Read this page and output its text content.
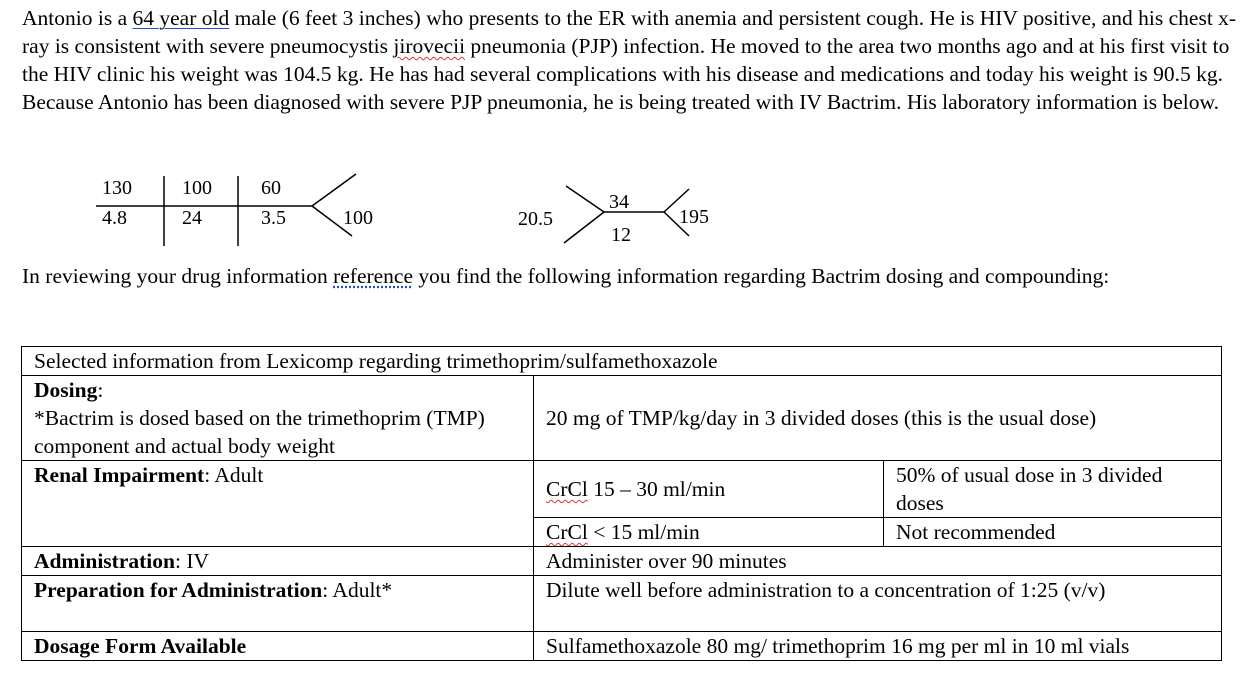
Antonio is a 64 year old male (6 feet 3 inches) who presents to the ER with anemia and persistent cough. He is HIV positive, and his chest x-ray is consistent with severe pneumocystis jirovecii pneumonia (PJP) infection. He moved to the area two months ago and at his first visit to the HIV clinic his weight was 104.5 kg. He has had several complications with his disease and medications and today his weight is 90.5 kg. Because Antonio has been diagnosed with severe PJP pneumonia, he is being treated with IV Bactrim. His laboratory information is below.

130	100 60
4.8	24	3.5	100	20.5
34
12
195

In reviewing your drug information reference you find the following information regarding Bactrim dosing and compounding:

Selected information from Lexicomp regarding trimethoprim/sulfamethoxazole		
Dosing:
*Bactrim is dosed based on the trimethoprim (TMP) component and actual body weight	20 mg of TMP/kg/day in 3 divided doses (this is the usual dose)	
Renal Impairment: Adult	CrCl 15 – 30 ml/min	50% of usual dose in 3 divided doses
	CrCl < 15 ml/min	Not recommended
Administration: IV	Administer over 90 minutes	
Preparation for Administration: Adult*	Dilute well before administration to a concentration of 1:25 (v/v)	
Dosage Form Available	Sulfamethoxazole 80 mg/ trimethoprim 16 mg per ml in 10 ml vials	
